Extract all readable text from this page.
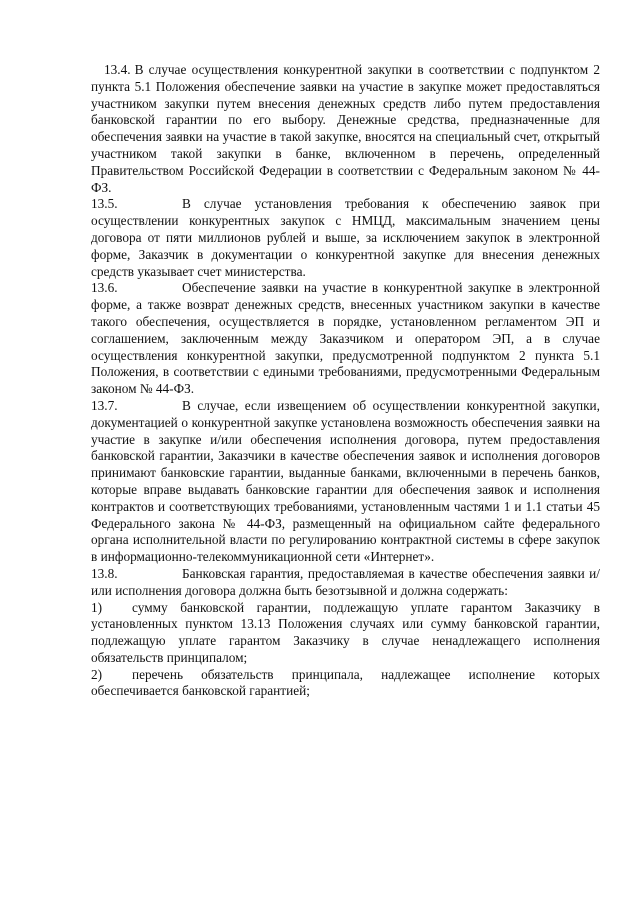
13.4. В случае осуществления конкурентной закупки в соответствии с подпунктом 2 пункта 5.1 Положения обеспечение заявки на участие в закупке может предоставляться участником закупки путем внесения денежных средств либо путем предоставления банковской гарантии по его выбору. Денежные средства, предназначенные для обеспечения заявки на участие в такой закупке, вносятся на специальный счет, открытый участником такой закупки в банке, включенном в перечень, определенный Правительством Российской Федерации в соответствии с Федеральным законом № 44-ФЗ.

13.5.	В случае установления требования к обеспечению заявок при осуществлении конкурентных закупок с НМЦД, максимальным значением цены договора от пяти миллионов рублей и выше, за исключением закупок в электронной форме, Заказчик в документации о конкурентной закупке для внесения денежных средств указывает счет министерства.

13.6.	Обеспечение заявки на участие в конкурентной закупке в электронной форме, а также возврат денежных средств, внесенных участником закупки в качестве такого обеспечения, осуществляется в порядке, установленном регламентом ЭП и соглашением, заключенным между Заказчиком и оператором ЭП, а в случае осуществления конкурентной закупки, предусмотренной подпунктом 2 пункта 5.1 Положения, в соответствии с едиными требованиями, предусмотренными Федеральным законом № 44-ФЗ.

13.7.	В случае, если извещением об осуществлении конкурентной закупки, документацией о конкурентной закупке установлена возможность обеспечения заявки на участие в закупке и/или обеспечения исполнения договора, путем предоставления банковской гарантии, Заказчики в качестве обеспечения заявок и исполнения договоров принимают банковские гарантии, выданные банками, включенными в перечень банков, которые вправе выдавать банковские гарантии для обеспечения заявок и исполнения контрактов и соответствующих требованиями, установленным частями 1 и 1.1 статьи 45 Федерального закона № 44-ФЗ, размещенный на официальном сайте федерального органа исполнительной власти по регулированию контрактной системы в сфере закупок в информационно-телекоммуникационной сети «Интернет».

13.8.	Банковская гарантия, предоставляемая в качестве обеспечения заявки и/или исполнения договора должна быть безотзывной и должна содержать:

1) сумму банковской гарантии, подлежащую уплате гарантом Заказчику в установленных пунктом 13.13 Положения случаях или сумму банковской гарантии, подлежащую уплате гарантом Заказчику в случае ненадлежащего исполнения обязательств принципалом;

2) перечень обязательств принципала, надлежащее исполнение которых обеспечивается банковской гарантией;
